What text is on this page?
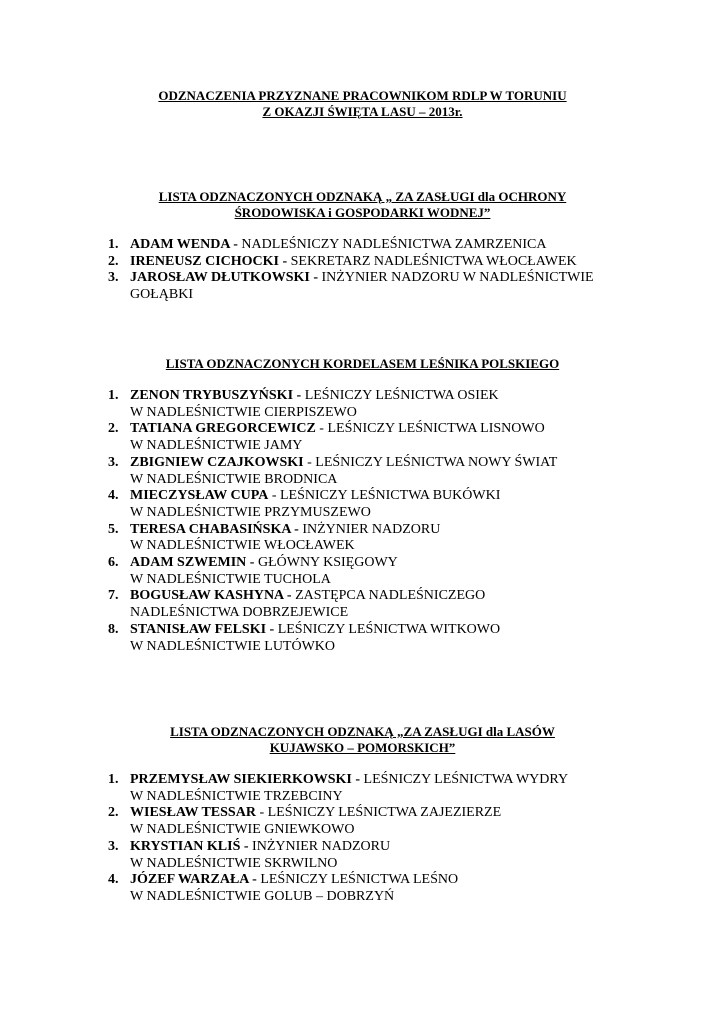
ODZNACZENIA PRZYZNANE PRACOWNIKOM RDLP W TORUNIU
Z OKAZJI ŚWIĘTA LASU – 2013r.
LISTA ODZNACZONYCH ODZNAKĄ „ ZA ZASŁUGI dla OCHRONY
ŚRODOWISKA i GOSPODARKI WODNEJ”
1. ADAM WENDA - NADLEŚNICZY NADLEŚNICTWA ZAMRZENICA
2. IRENEUSZ CICHOCKI - SEKRETARZ NADLEŚNICTWA WŁOCŁAWEK
3. JAROSŁAW DŁUTKOWSKI - INŻYNIER NADZORU W NADLEŚNICTWIE
GOŁĄBKI
LISTA ODZNACZONYCH KORDELASEM LEŚNIKA POLSKIEGO
1. ZENON TRYBUSZYŃSKI - LEŚNICZY LEŚNICTWA OSIEK
W NADLEŚNICTWIE CIERPISZEWO
2. TATIANA GREGORCEWICZ - LEŚNICZY LEŚNICTWA LISNOWO
W NADLEŚNICTWIE JAMY
3. ZBIGNIEW CZAJKOWSKI - LEŚNICZY LEŚNICTWA NOWY ŚWIAT
W NADLEŚNICTWIE BRODNICA
4. MIECZYSŁAW CUPA - LEŚNICZY LEŚNICTWA BUKÓWKI
W NADLEŚNICTWIE PRZYMUSZEWO
5. TERESA CHABASIŃSKA - INŻYNIER NADZORU
W NADLEŚNICTWIE WŁOCŁAWEK
6. ADAM SZWEMIN - GŁÓWNY KSIĘGOWY
W NADLEŚNICTWIE TUCHOLA
7. BOGUSŁAW KASHYNA - ZASTĘPCA NADLEŚNICZEGO
NADLEŚNICTWA DOBRZEJEWICE
8. STANISŁAW FELSKI - LEŚNICZY LEŚNICTWA WITKOWO
W NADLEŚNICTWIE LUTÓWKO
LISTA ODZNACZONYCH ODZNAKĄ „ZA ZASŁUGI dla LASÓW
KUJAWSKO – POMORSKICH”
1. PRZEMYSŁAW SIEKIERKOWSKI - LEŚNICZY LEŚNICTWA WYDRY
W NADLEŚNICTWIE TRZEBCINY
2. WIESŁAW TESSAR - LEŚNICZY LEŚNICTWA ZAJEZIERZE
W NADLEŚNICTWIE GNIEWKOWO
3. KRYSTIAN KLIŚ - INŻYNIER NADZORU
W NADLEŚNICTWIE SKRWILNO
4. JÓZEF WARZAŁA - LEŚNICZY LEŚNICTWA LEŚNO
W NADLEŚNICTWIE GOLUB – DOBRZYŃ
